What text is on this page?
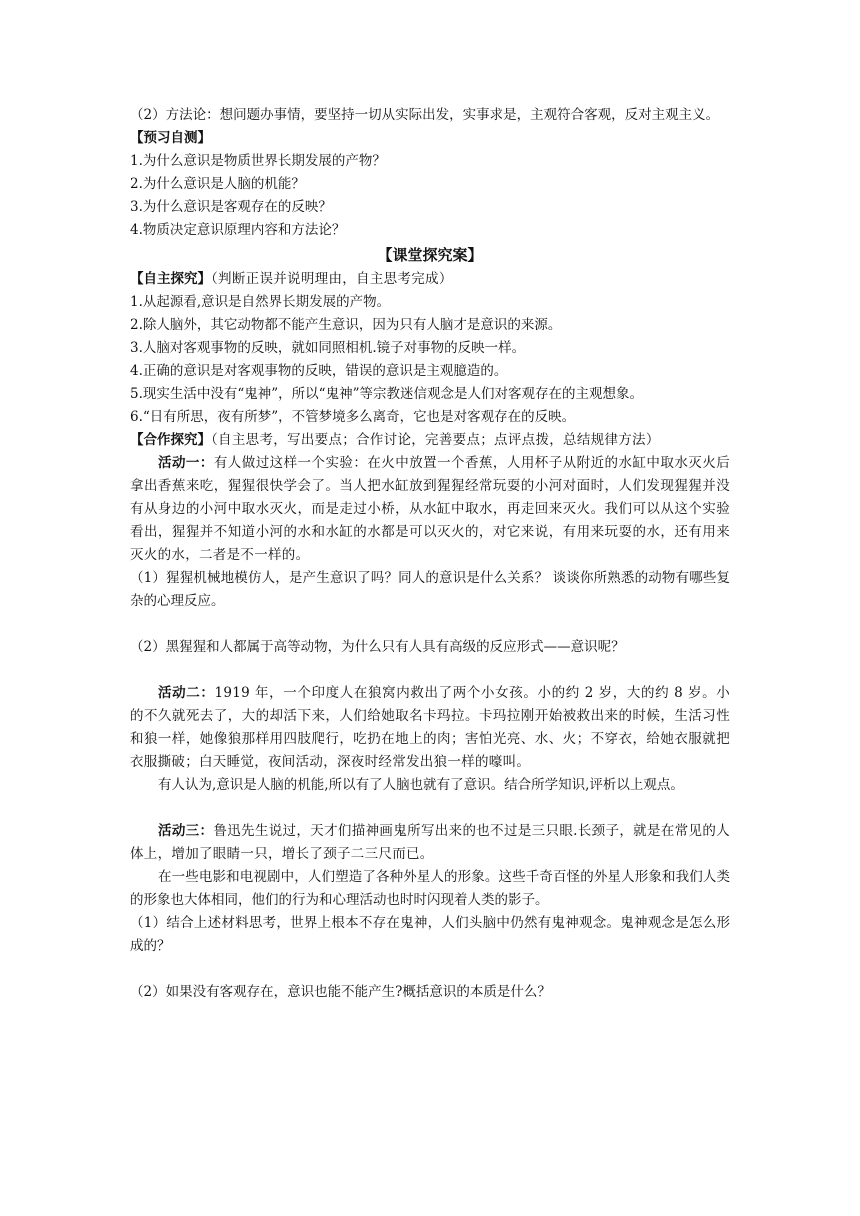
（2）方法论：想问题办事情，要坚持一切从实际出发，实事求是，主观符合客观，反对主观主义。

【预习自测】

1.为什么意识是物质世界长期发展的产物？

2.为什么意识是人脑的机能？

3.为什么意识是客观存在的反映？

4.物质决定意识原理内容和方法论？

【课堂探究案】

【自主探究】（判断正误并说明理由，自主思考完成）

1.从起源看,意识是自然界长期发展的产物。

2.除人脑外，其它动物都不能产生意识，因为只有人脑才是意识的来源。

3.人脑对客观事物的反映，就如同照相机.镜子对事物的反映一样。

4.正确的意识是对客观事物的反映，错误的意识是主观臆造的。

5.现实生活中没有“鬼神”，所以“鬼神”等宗教迷信观念是人们对客观存在的主观想象。

6.“日有所思，夜有所梦”，不管梦境多么离奇，它也是对客观存在的反映。

【合作探究】（自主思考，写出要点；合作讨论，完善要点；点评点拨，总结规律方法）

活动一：有人做过这样一个实验：在火中放置一个香蕉，人用杯子从附近的水缸中取水灭火后拿出香蕉来吃，猩猩很快学会了。当人把水缸放到猩猩经常玩耍的小河对面时，人们发现猩猩并没有从身边的小河中取水灭火，而是走过小桥，从水缸中取水，再走回来灭火。我们可以从这个实验看出，猩猩并不知道小河的水和水缸的水都是可以灭火的，对它来说，有用来玩耍的水，还有用来灭火的水，二者是不一样的。

（1）猩猩机械地模仿人，是产生意识了吗？同人的意识是什么关系？ 谈谈你所熟悉的动物有哪些复杂的心理反应。

（2）黑猩猩和人都属于高等动物，为什么只有人具有高级的反应形式——意识呢？

活动二：1919 年，一个印度人在狼窝内救出了两个小女孩。小的约 2 岁，大的约 8 岁。小的不久就死去了，大的却活下来，人们给她取名卡玛拉。卡玛拉刚开始被救出来的时候，生活习性和狼一样，她像狼那样用四肢爬行，吃扔在地上的肉；害怕光亮、水、火；不穿衣，给她衣服就把衣服撕破；白天睡觉，夜间活动，深夜时经常发出狼一样的嚎叫。

有人认为,意识是人脑的机能,所以有了人脑也就有了意识。结合所学知识,评析以上观点。

活动三：鲁迅先生说过，天才们描神画鬼所写出来的也不过是三只眼.长颈子，就是在常见的人体上，增加了眼睛一只，增长了颈子二三尺而已。

在一些电影和电视剧中，人们塑造了各种外星人的形象。这些千奇百怪的外星人形象和我们人类的形象也大体相同，他们的行为和心理活动也时时闪现着人类的影子。

（1）结合上述材料思考，世界上根本不存在鬼神，人们头脑中仍然有鬼神观念。鬼神观念是怎么形成的？

（2）如果没有客观存在，意识也能不能产生?概括意识的本质是什么？
